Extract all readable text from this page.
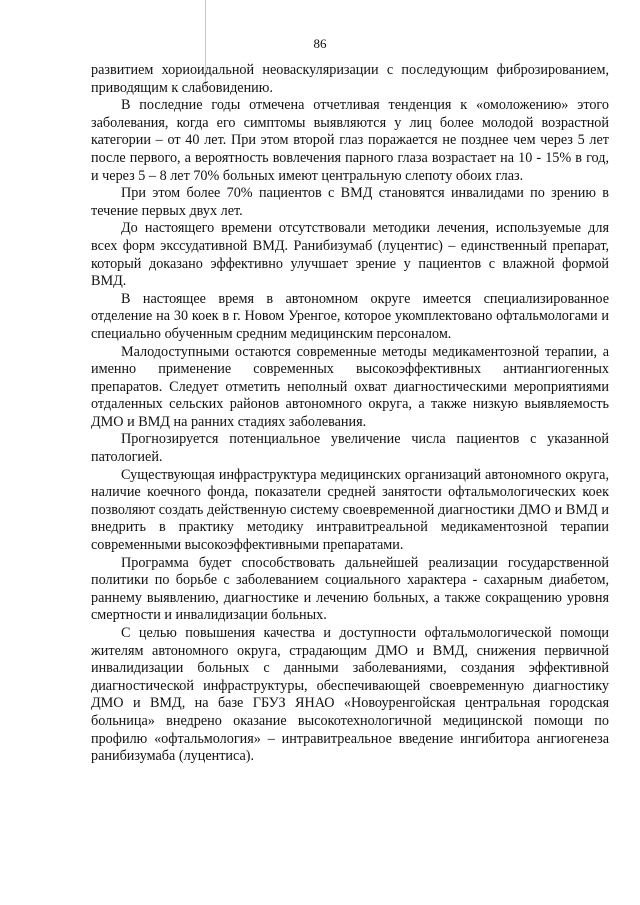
86

развитием хориоидальной неоваскуляризации с последующим фиброзированием, приводящим к слабовидению.

В последние годы отмечена отчетливая тенденция к «омоложению» этого заболевания, когда его симптомы выявляются у лиц более молодой возрастной категории – от 40 лет. При этом второй глаз поражается не позднее чем через 5 лет после первого, а вероятность вовлечения парного глаза возрастает на 10 - 15% в год, и через 5 – 8 лет 70% больных имеют центральную слепоту обоих глаз.

При этом более 70% пациентов с ВМД становятся инвалидами по зрению в течение первых двух лет.

До настоящего времени отсутствовали методики лечения, используемые для всех форм экссудативной ВМД. Ранибизумаб (луцентис) – единственный препарат, который доказано эффективно улучшает зрение у пациентов с влажной формой ВМД.

В настоящее время в автономном округе имеется специализированное отделение на 30 коек в г. Новом Уренгое, которое укомплектовано офтальмологами и специально обученным средним медицинским персоналом.

Малодоступными остаются современные методы медикаментозной терапии, а именно применение современных высокоэффективных антиангиогенных препаратов. Следует отметить неполный охват диагностическими мероприятиями отдаленных сельских районов автономного округа, а также низкую выявляемость ДМО и ВМД на ранних стадиях заболевания.

Прогнозируется потенциальное увеличение числа пациентов с указанной патологией.

Существующая инфраструктура медицинских организаций автономного округа, наличие коечного фонда, показатели средней занятости офтальмологических коек позволяют создать действенную систему своевременной диагностики ДМО и ВМД и внедрить в практику методику интравитреальной медикаментозной терапии современными высокоэффективными препаратами.

Программа будет способствовать дальнейшей реализации государственной политики по борьбе с заболеванием социального характера - сахарным диабетом, раннему выявлению, диагностике и лечению больных, а также сокращению уровня смертности и инвалидизации больных.

С целью повышения качества и доступности офтальмологической помощи жителям автономного округа, страдающим ДМО и ВМД, снижения первичной инвалидизации больных с данными заболеваниями, создания эффективной диагностической инфраструктуры, обеспечивающей своевременную диагностику ДМО и ВМД, на базе ГБУЗ ЯНАО «Новоуренгойская центральная городская больница» внедрено оказание высокотехнологичной медицинской помощи по профилю «офтальмология» – интравитреальное введение ингибитора ангиогенеза ранибизумаба (луцентиса).
